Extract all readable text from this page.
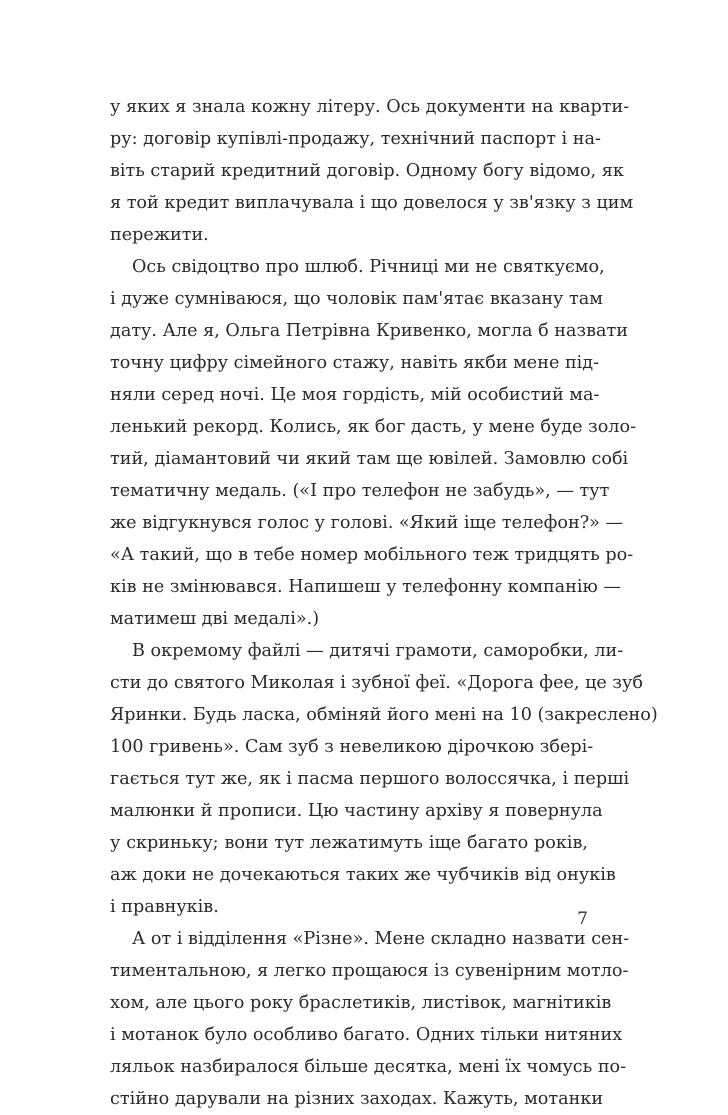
у яких я знала кожну літеру. Ось документи на кварти-
ру: договір купівлі-продажу, технічний паспорт і на-
віть старий кредитний договір. Одному богу відомо, як
я той кредит виплачувала і що довелося у зв'язку з цим
пережити.
Ось свідоцтво про шлюб. Річниці ми не святкуємо,
і дуже сумніваюся, що чоловік пам'ятає вказану там
дату. Але я, Ольга Петрівна Кривенко, могла б назвати
точну цифру сімейного стажу, навіть якби мене під-
няли серед ночі. Це моя гордість, мій особистий ма-
ленький рекорд. Колись, як бог дасть, у мене буде золо-
тий, діамантовий чи який там ще ювілей. Замовлю собі
тематичну медаль. («І про телефон не забудь», — тут
же відгукнувся голос у голові. «Який іще телефон?» —
«А такий, що в тебе номер мобільного теж тридцять ро-
ків не змінювався. Напишеш у телефонну компанію —
матимеш дві медалі».)
В окремому файлі — дитячі грамоти, саморобки, ли-
сти до святого Миколая і зубної феї. «Дорога фее, це зуб
Яринки. Будь ласка, обміняй його мені на 10 (закреслено)
100 гривень». Сам зуб з невеликою дірочкою збері-
гається тут же, як і пасма першого волоссячка, і перші
малюнки й прописи. Цю частину архіву я повернула
у скриньку; вони тут лежатимуть іще багато років,
аж доки не дочекаються таких же чубчиків від онуків
і правнуків.
А от і відділення «Різне». Мене складно назвати сен-
тиментальною, я легко прощаюся із сувенірним мотло-
хом, але цього року браслетиків, листівок, магнітиків
і мотанок було особливо багато. Одних тільки нитяних
ляльок назбиралося більше десятка, мені їх чомусь по-
стійно дарували на різних заходах. Кажуть, мотанки
7
